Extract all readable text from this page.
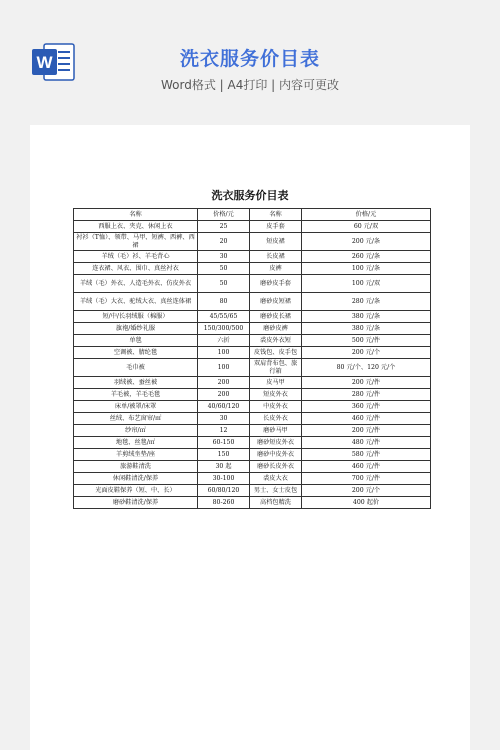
W	洗衣服务价目表
Word格式 | A4打印 | 内容可更改
洗衣服务价目表
名称	价格/元	名称	价格/元
西服上衣、夹克、休闲上衣	25	皮手套	60 元/双
衬衫（T恤）、领带、马甲、短裤、西裤、西裙	20	短皮裙	200 元/条
羊绒（毛）衫、羊毛背心	30	长皮裙	260 元/条
连衣裙、风衣、围巾、真丝衬衣	50	皮裤	100 元/条
羊绒（毛）外衣、人造毛外衣、仿皮外衣	50	磨砂皮手套	100 元/双
羊绒（毛）大衣、驼绒大衣、真丝连体裙	80	磨砂皮短裙	280 元/条
短/中/长羽绒服（棉服）	45/55/65	磨砂皮长裙	380 元/条
旗袍/婚纱礼服	150/300/500	磨砂皮裤	380 元/条
单毯	六折	裘皮外衣短	500 元/件
空调被、腈纶毯	100	皮钱包、皮手包	200 元/个
毛巾被	100	双肩背布包、旅行箱	80 元/个、120 元/个
羽绒被、蚕丝被	200	皮马甲	200 元/件
羊毛被，羊毛毛毯	200	短皮外衣	280 元/件
床单/被罩/床罩	40/60/120	中皮外衣	360 元/件
丝绒、布艺窗帘/㎡	30	长皮外衣	460 元/件
纱帘/㎡	12	磨砂马甲	200 元/件
地毯、丝毯/㎡	60-150	磨砂短皮外衣	480 元/件
羊剪绒坐垫/座	150	磨砂中皮外衣	580 元/件
旅游鞋清洗	30 起	磨砂长皮外衣	460 元/件
休闲鞋清洗/保养	30-100	裘皮大衣	700 元/件
光面皮鞋保养（短、中、长）	60/80/120	男士、女士皮包	200 元/个
磨砂鞋清洗/保养	80-260	高档包精洗	400 起价
